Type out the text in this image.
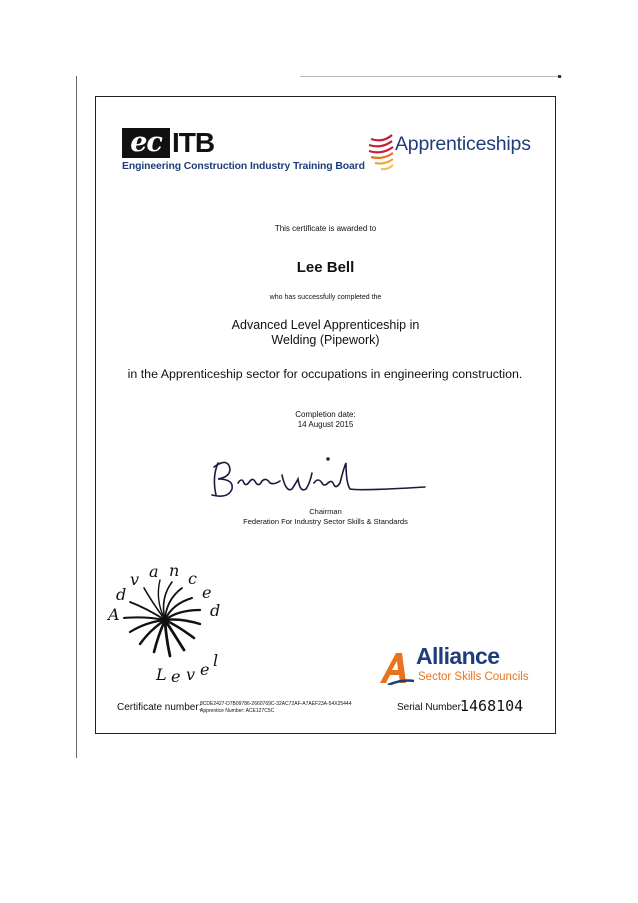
ec ITB
Engineering Construction Industry Training Board
Apprenticeships
This certificate is awarded to
Lee Bell
who has successfully completed the
Advanced Level Apprenticeship in
Welding (Pipework)
in the Apprenticeship sector for occupations in engineering construction.
Completion date:
14 August 2015
Chairman
Federation For Industry Sector Skills & Standards
A
d
v a n c
e
d
L e v e l	Alliance
Sector Skills Councils
Certificate number:
8CDE2427-D7B09786-2660769C-32AC72AF-A7AEF23A-54X25444
Apprentice Number: ACE127C5C	Serial Number:
1468104
